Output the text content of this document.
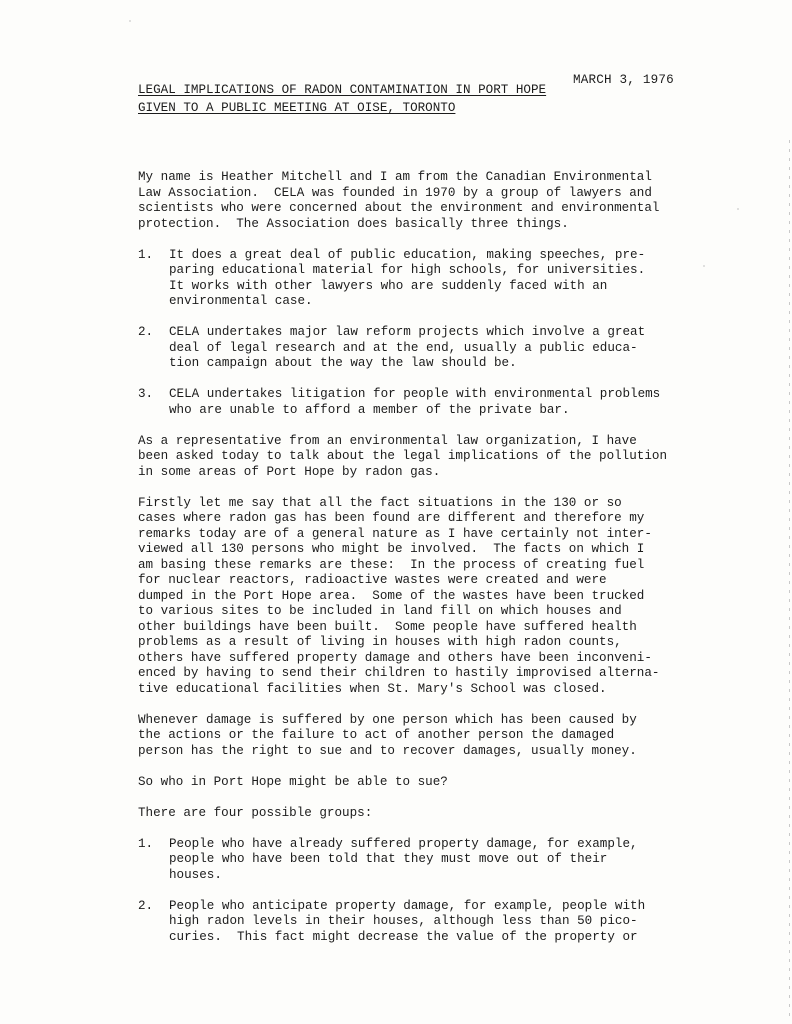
MARCH 3, 1976
LEGAL IMPLICATIONS OF RADON CONTAMINATION IN PORT HOPE
GIVEN TO A PUBLIC MEETING AT OISE, TORONTO
My name is Heather Mitchell and I am from the Canadian Environmental
Law Association.  CELA was founded in 1970 by a group of lawyers and
scientists who were concerned about the environment and environmental
protection.  The Association does basically three things.
1. It does a great deal of public education, making speeches, pre-
paring educational material for high schools, for universities.
It works with other lawyers who are suddenly faced with an
environmental case.
2. CELA undertakes major law reform projects which involve a great
deal of legal research and at the end, usually a public educa-
tion campaign about the way the law should be.
3. CELA undertakes litigation for people with environmental problems
who are unable to afford a member of the private bar.
As a representative from an environmental law organization, I have
been asked today to talk about the legal implications of the pollution
in some areas of Port Hope by radon gas.
Firstly let me say that all the fact situations in the 130 or so
cases where radon gas has been found are different and therefore my
remarks today are of a general nature as I have certainly not inter-
viewed all 130 persons who might be involved.  The facts on which I
am basing these remarks are these:  In the process of creating fuel
for nuclear reactors, radioactive wastes were created and were
dumped in the Port Hope area.  Some of the wastes have been trucked
to various sites to be included in land fill on which houses and
other buildings have been built.  Some people have suffered health
problems as a result of living in houses with high radon counts,
others have suffered property damage and others have been inconveni-
enced by having to send their children to hastily improvised alterna-
tive educational facilities when St. Mary's School was closed.
Whenever damage is suffered by one person which has been caused by
the actions or the failure to act of another person the damaged
person has the right to sue and to recover damages, usually money.
So who in Port Hope might be able to sue?
There are four possible groups:
1. People who have already suffered property damage, for example,
people who have been told that they must move out of their
houses.
2. People who anticipate property damage, for example, people with
high radon levels in their houses, although less than 50 pico-
curies.  This fact might decrease the value of the property or
